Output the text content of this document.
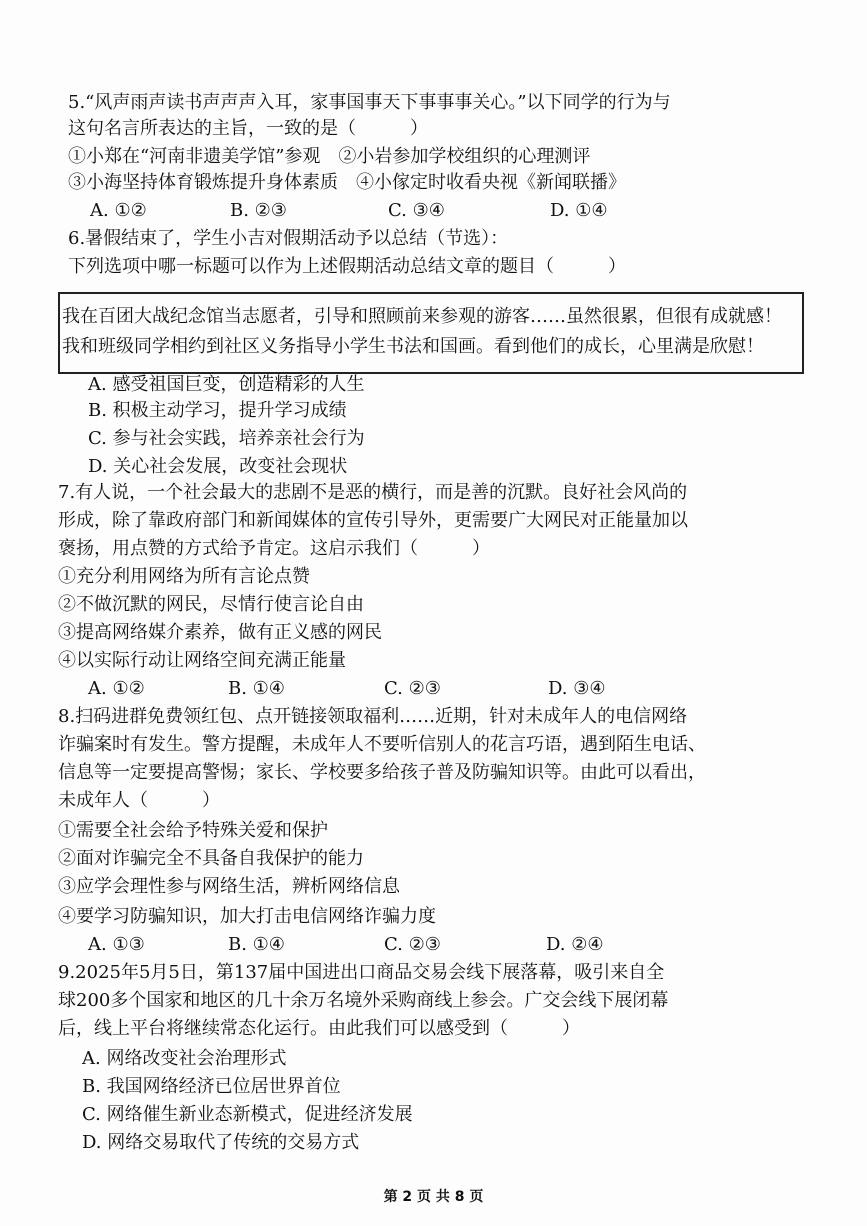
5.“风声雨声读书声声声入耳，家事国事天下事事事关心。”以下同学的行为与
这句名言所表达的主旨，一致的是（　　　）
①小郑在“河南非遗美学馆”参观　②小岩参加学校组织的心理测评
③小海坚持体育锻炼提升身体素质　④小傢定时收看央视《新闻联播》
A. ①②	B. ②③	C. ③④	D. ①④
6.暑假结束了，学生小吉对假期活动予以总结（节选）：
下列选项中哪一标题可以作为上述假期活动总结文章的题目（　　　）
我在百团大战纪念馆当志愿者，引导和照顾前来参观的游客……虽然很累，但很有成就感！
我和班级同学相约到社区义务指导小学生书法和国画。看到他们的成长，心里满是欣慰！
A. 感受祖国巨变，创造精彩的人生
B. 积极主动学习，提升学习成绩
C. 参与社会实践，培养亲社会行为
D. 关心社会发展，改变社会现状
7.有人说，一个社会最大的悲剧不是恶的横行，而是善的沉默。良好社会风尚的
形成，除了靠政府部门和新闻媒体的宣传引导外，更需要广大网民对正能量加以
褒扬，用点赞的方式给予肯定。这启示我们（　　　）
①充分利用网络为所有言论点赞
②不做沉默的网民，尽情行使言论自由
③提高网络媒介素养，做有正义感的网民
④以实际行动让网络空间充满正能量
A. ①②	B. ①④	C. ②③	D. ③④
8.扫码进群免费领红包、点开链接领取福利……近期，针对未成年人的电信网络
诈骗案时有发生。警方提醒，未成年人不要听信别人的花言巧语，遇到陌生电话、
信息等一定要提高警惕；家长、学校要多给孩子普及防骗知识等。由此可以看出，
未成年人（　　　）
①需要全社会给予特殊关爱和保护
②面对诈骗完全不具备自我保护的能力
③应学会理性参与网络生活，辨析网络信息
④要学习防骗知识，加大打击电信网络诈骗力度
A. ①③	B. ①④	C. ②③	D. ②④
9.2025年5月5日，第137届中国进出口商品交易会线下展落幕，吸引来自全
球200多个国家和地区的几十余万名境外采购商线上参会。广交会线下展闭幕
后，线上平台将继续常态化运行。由此我们可以感受到（　　　）
A. 网络改变社会治理形式
B. 我国网络经济已位居世界首位
C. 网络催生新业态新模式，促进经济发展
D. 网络交易取代了传统的交易方式
第 2 页 共 8 页
